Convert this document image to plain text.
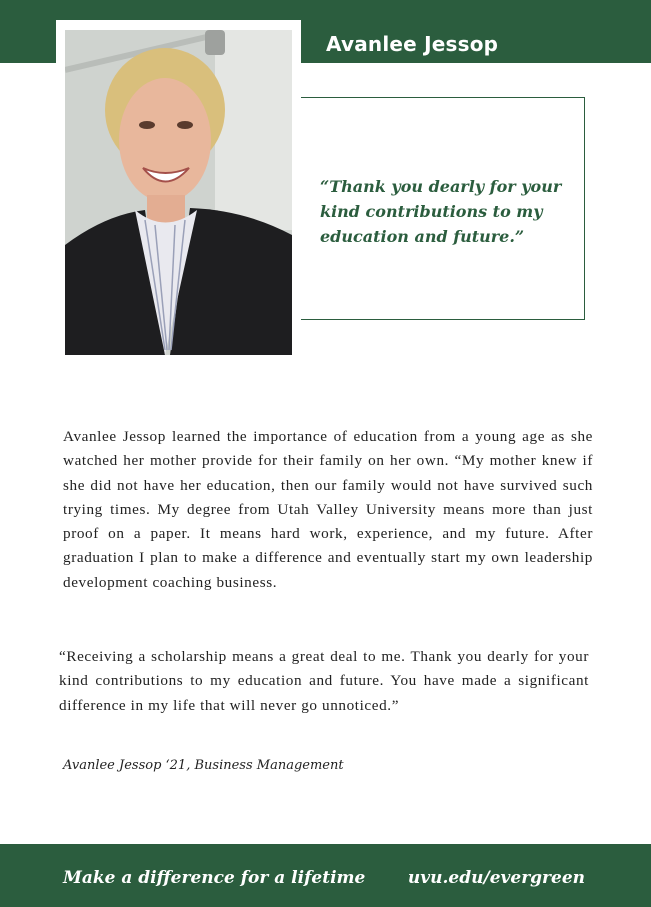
Avanlee Jessop
“Thank you dearly for your kind contributions to my education and future.”
Avanlee Jessop learned the importance of education from a young age as she watched her mother provide for their family on her own. “My mother knew if she did not have her education, then our family would not have survived such trying times. My degree from Utah Valley University means more than just proof on a paper. It means hard work, experience, and my future. After graduation I plan to make a difference and eventually start my own leadership development coaching business.
“Receiving a scholarship means a great deal to me. Thank you dearly for your kind contributions to my education and future. You have made a significant difference in my life that will never go unnoticed.”
Avanlee Jessop ‘21, Business Management
Make a difference for a lifetime	uvu.edu/evergreen
